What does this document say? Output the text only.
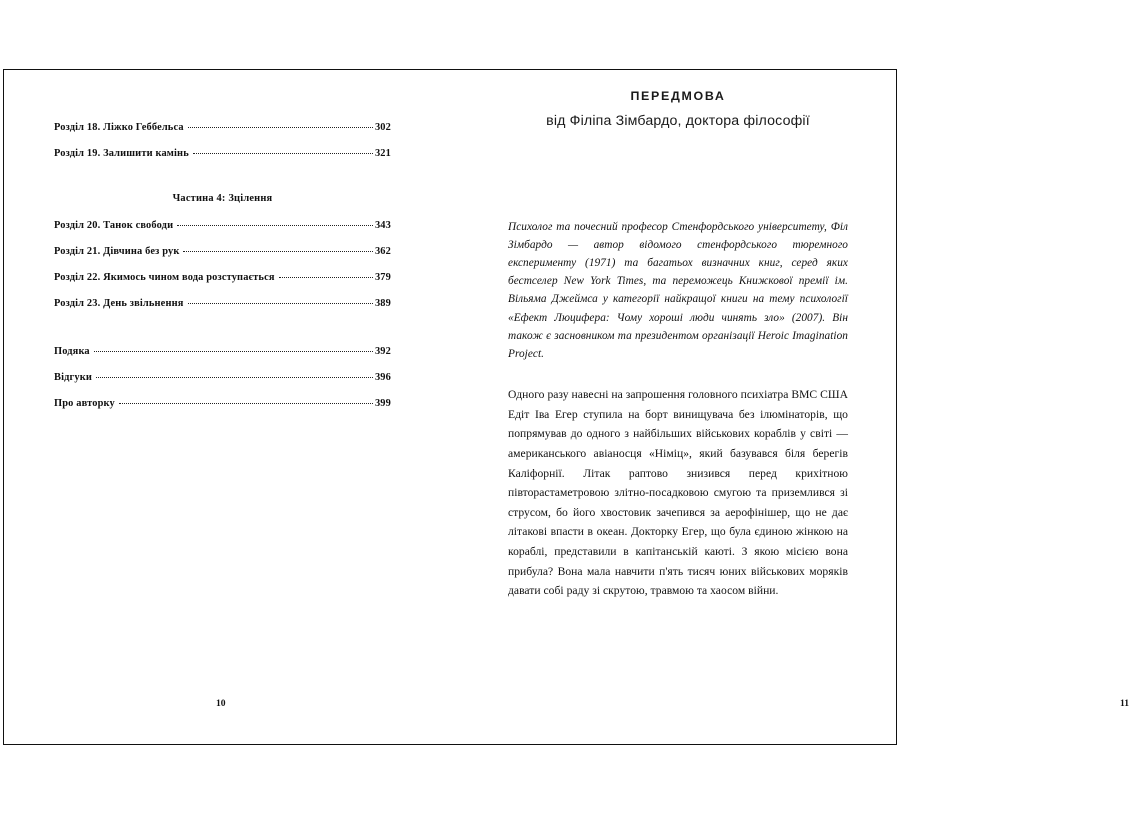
Розділ 18. Ліжко Геббельса	302
Розділ 19. Залишити камінь	321
Частина 4: Зцілення
Розділ 20. Танок свободи	343
Розділ 21. Дівчина без рук	362
Розділ 22. Якимось чином вода розступається	379
Розділ 23. День звільнення	389
Подяка	392
Відгуки	396
Про авторку	399
10
ПЕРЕДМОВА
від Філіпа Зімбардо, доктора філософії

Психолог та почесний професор Стенфордського університету, Філ Зімбардо — автор відомого стенфордського тюремного експерименту (1971) та багатьох визначних книг, серед яких бестселер New York Times, та переможець Книжкової премії ім. Вільяма Джеймса у категорії найкращої книги на тему психології «Ефект Люцифера: Чому хороші люди чинять зло» (2007). Він також є засновником та президентом організації Heroic Imagination Project.

Одного разу навесні на запрошення головного психіатра ВМС США Едіт Іва Егер ступила на борт винищувача без ілюмінаторів, що попрямував до одного з найбільших військових кораблів у світі — американського авіаносця «Німіц», який базувався біля берегів Каліфорнії. Літак раптово знизився перед крихітною півторастаметровою злітно-посадковою смугою та приземлився зі струсом, бо його хвостовик зачепився за аерофінішер, що не дає літакові впасти в океан. Докторку Егер, що була єдиною жінкою на кораблі, представили в капітанській каюті. З якою місією вона прибула? Вона мала навчити п'ять тисяч юних військових моряків давати собі раду зі скрутою, травмою та хаосом війни.

11
